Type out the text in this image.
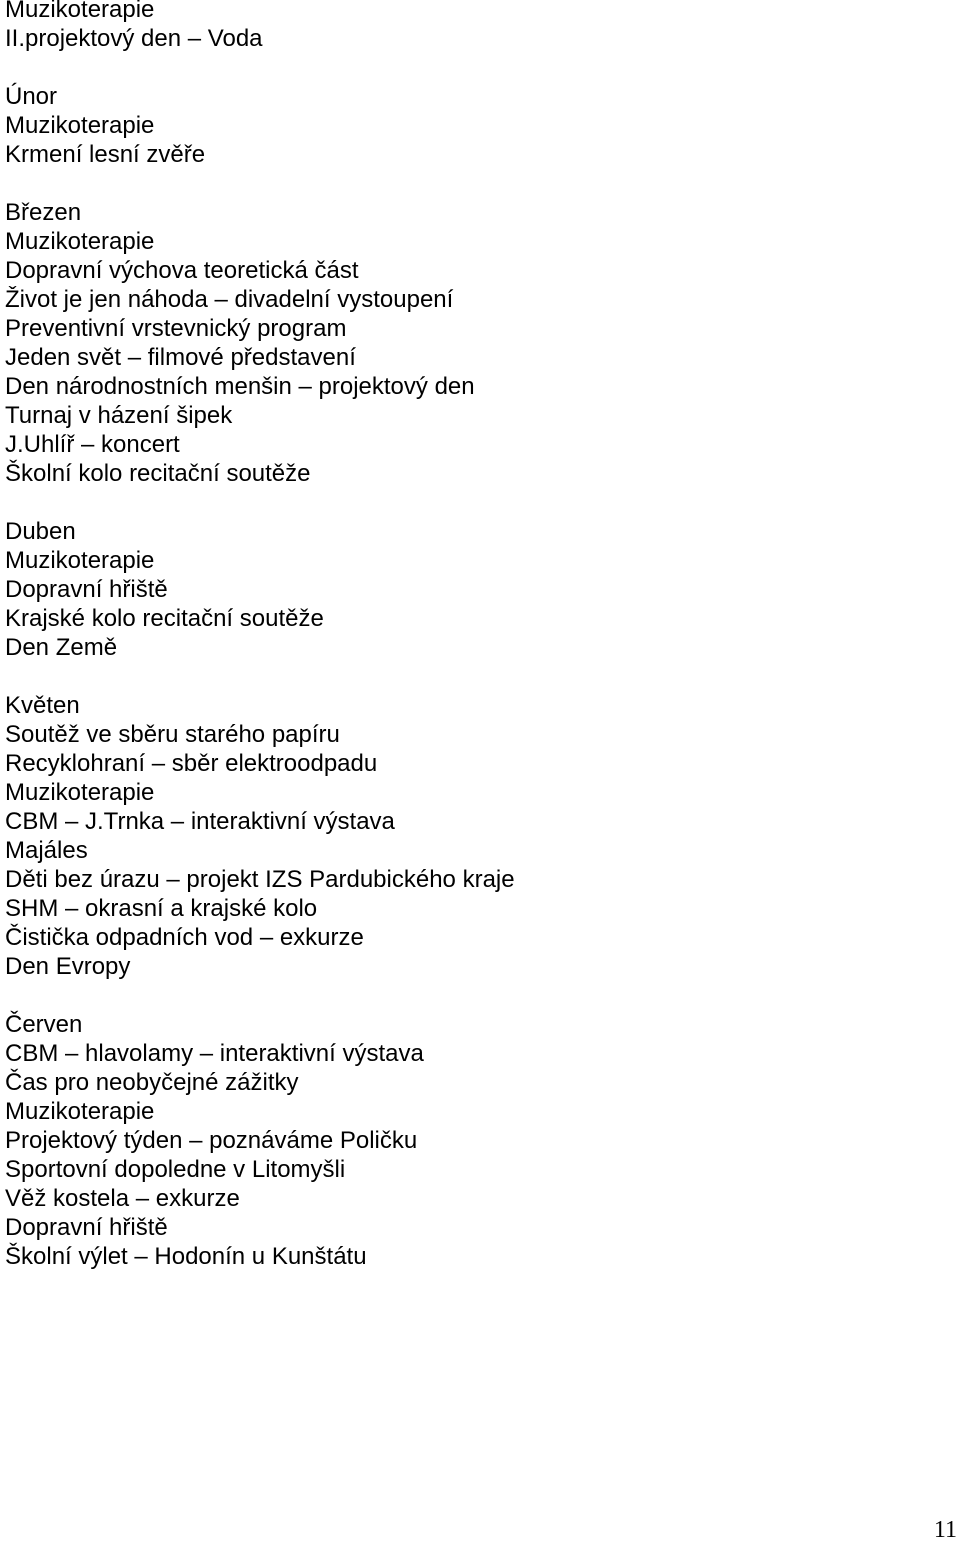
Muzikoterapie
II.projektový den – Voda
Únor
Muzikoterapie
Krmení lesní zvěře
Březen
Muzikoterapie
Dopravní výchova teoretická část
Život je jen náhoda – divadelní vystoupení
Preventivní vrstevnický program
Jeden svět – filmové představení
Den národnostních menšin – projektový den
Turnaj v házení šipek
J.Uhlíř – koncert
Školní kolo recitační soutěže
Duben
Muzikoterapie
Dopravní hřiště
Krajské kolo recitační soutěže
Den Země
Květen
Soutěž ve sběru starého papíru
Recyklohraní – sběr elektroodpadu
Muzikoterapie
CBM – J.Trnka – interaktivní výstava
Majáles
Děti bez úrazu – projekt IZS Pardubického kraje
SHM – okrasní a krajské kolo
Čistička odpadních vod – exkurze
Den Evropy
Červen
CBM – hlavolamy – interaktivní výstava
Čas pro neobyčejné zážitky
Muzikoterapie
Projektový týden – poznáváme Poličku
Sportovní dopoledne v Litomyšli
Věž kostela – exkurze
Dopravní hřiště
Školní výlet – Hodonín u Kunštátu
11
